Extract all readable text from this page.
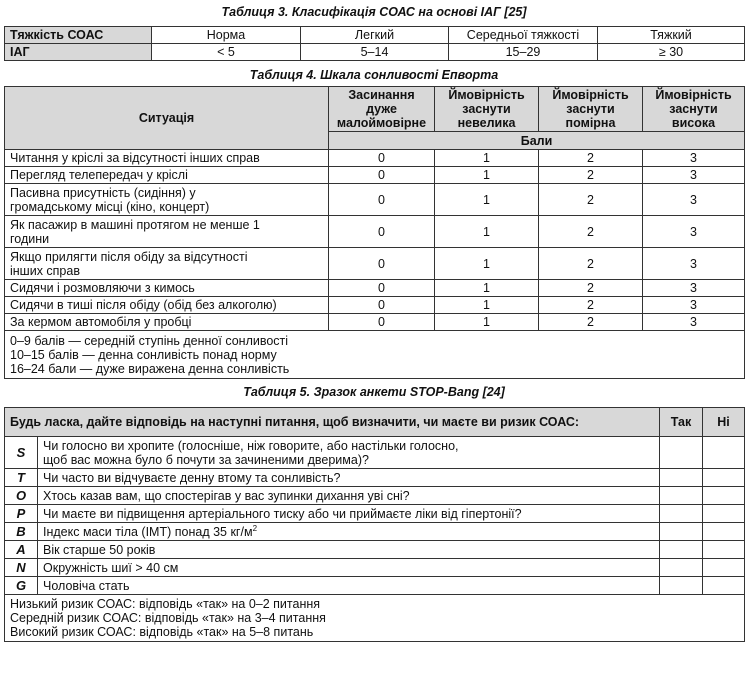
Таблиця 3. Класифікація СОАС на основі ІАГ [25]
Тяжкість СОАС	Норма	Легкий	Середньої тяжкості	Тяжкий
ІАГ	< 5	5–14	15–29	≥ 30
Таблиця 4. Шкала сонливості Епворта
Ситуація	Засинання дуже малоймовірне	Ймовірність заснути невелика	Ймовірність заснути помірна	Ймовірність заснути висока
	Бали			
Читання у кріслі за відсутності інших справ	0	1	2	3
Перегляд телепередач у кріслі	0	1	2	3
Пасивна присутність (сидіння) у громадському місці (кіно, концерт)	0	1	2	3
Як пасажир в машині протягом не менше 1 години	0	1	2	3
Якщо прилягти після обіду за відсутності інших справ	0	1	2	3
Сидячи і розмовляючи з кимось	0	1	2	3
Сидячи в тиші після обіду (обід без алкоголю)	0	1	2	3
За кермом автомобіля у пробці	0	1	2	3

0–9 балів — середній ступінь денної сонливості
10–15 балів — денна сонливість понад норму
16–24 бали — дуже виражена денна сонливість				
Таблиця 5. Зразок анкети STOP-Bang [24]
Будь ласка, дайте відповідь на наступні питання, щоб визначити, чи маєте ви ризик СОАС:		Так	Ні
S	Чи голосно ви хропите (голосніше, ніж говорите, або настільки голосно,
щоб вас можна було б почути за зачиненими дверима)?		
T	Чи часто ви відчуваєте денну втому та сонливість?		
O	Хтось казав вам, що спостерігав у вас зупинки дихання уві сні?		
P	Чи маєте ви підвищення артеріального тиску або чи приймаєте ліки від гіпертонії?		
B	Індекс маси тіла (ІМТ) понад 35 $кг/м^2$		
A	Вік старше 50 років		
N	Окружність шиї > 40 см		
G	Чоловіча стать		

Низький ризик СОАС: відповідь «так» на 0–2 питання
Середній ризик СОАС: відповідь «так» на 3–4 питання
Високий ризик СОАС: відповідь «так» на 5–8 питань			
